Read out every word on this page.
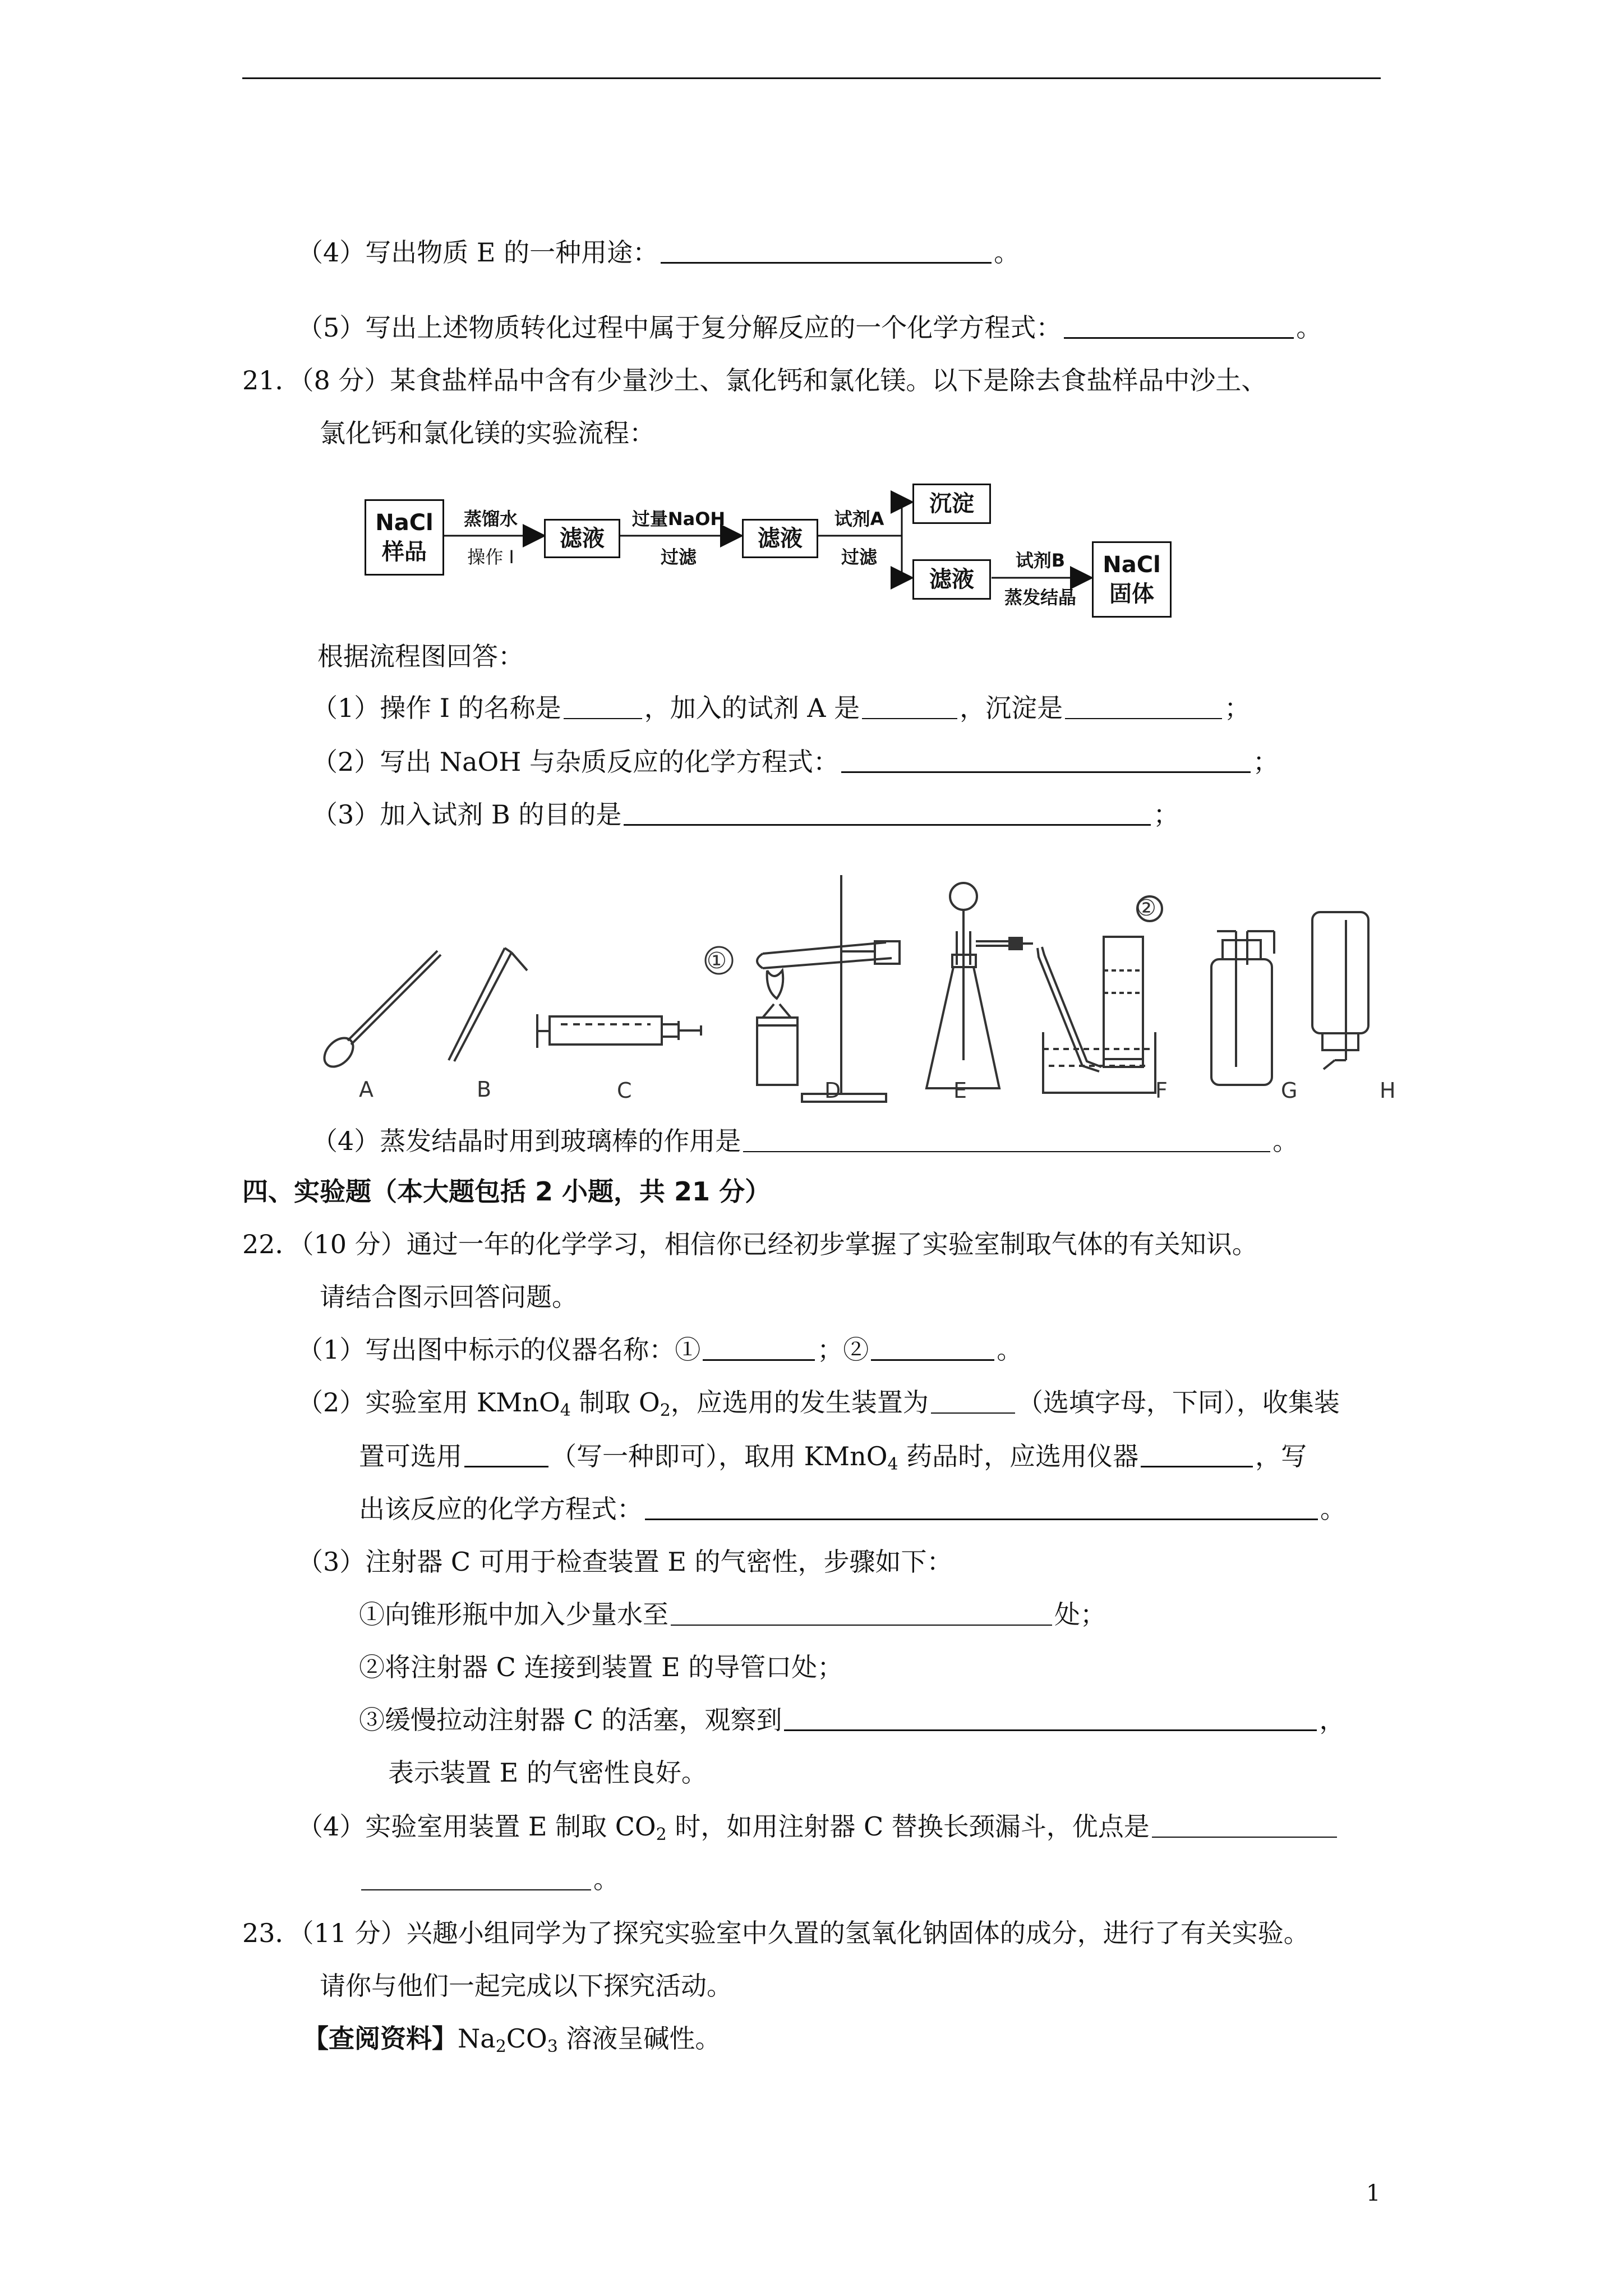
（4）写出物质 E 的一种用途：	。
（5）写出上述物质转化过程中属于复分解反应的一个化学方程式：	。
21．（8 分）某食盐样品中含有少量沙土、氯化钙和氯化镁。以下是除去食盐样品中沙土、
氯化钙和氯化镁的实验流程：
NaCl
样品
蒸馏水
操作 I
滤液
过量NaOH
过滤
滤液
试剂A
过滤
沉淀
滤液
试剂B
蒸发结晶
NaCl
固体
根据流程图回答：
（1）操作 I 的名称是	，加入的试剂 A 是	，沉淀是	；
（2）写出 NaOH 与杂质反应的化学方程式：	；
（3）加入试剂 B 的目的是	；
①
②
A	B	C	D	E	F	G	H
（4）蒸发结晶时用到玻璃棒的作用是	。
四、实验题（本大题包括 2 小题，共 21 分）
22．（10 分）通过一年的化学学习，相信你已经初步掌握了实验室制取气体的有关知识。
请结合图示回答问题。
（1）写出图中标示的仪器名称：①	；②	。
（2）实验室用 KMnO$_4$ 制取 $O_2$，应选用的发生装置为	（选填字母，下同），收集装
置可选用	（写一种即可），取用 KMnO$_4$ 药品时，应选用仪器	，写
出该反应的化学方程式：	。
（3）注射器 C 可用于检查装置 E 的气密性，步骤如下：
①向锥形瓶中加入少量水至	处；
②将注射器 C 连接到装置 E 的导管口处；
③缓慢拉动注射器 C 的活塞，观察到	，
表示装置 E 的气密性良好。
（4）实验室用装置 E 制取 $CO_2$ 时，如用注射器 C 替换长颈漏斗，优点是
。
23．（11 分）兴趣小组同学为了探究实验室中久置的氢氧化钠固体的成分，进行了有关实验。
请你与他们一起完成以下探究活动。
【查阅资料】$Na_2CO_3$ 溶液呈碱性。
1
